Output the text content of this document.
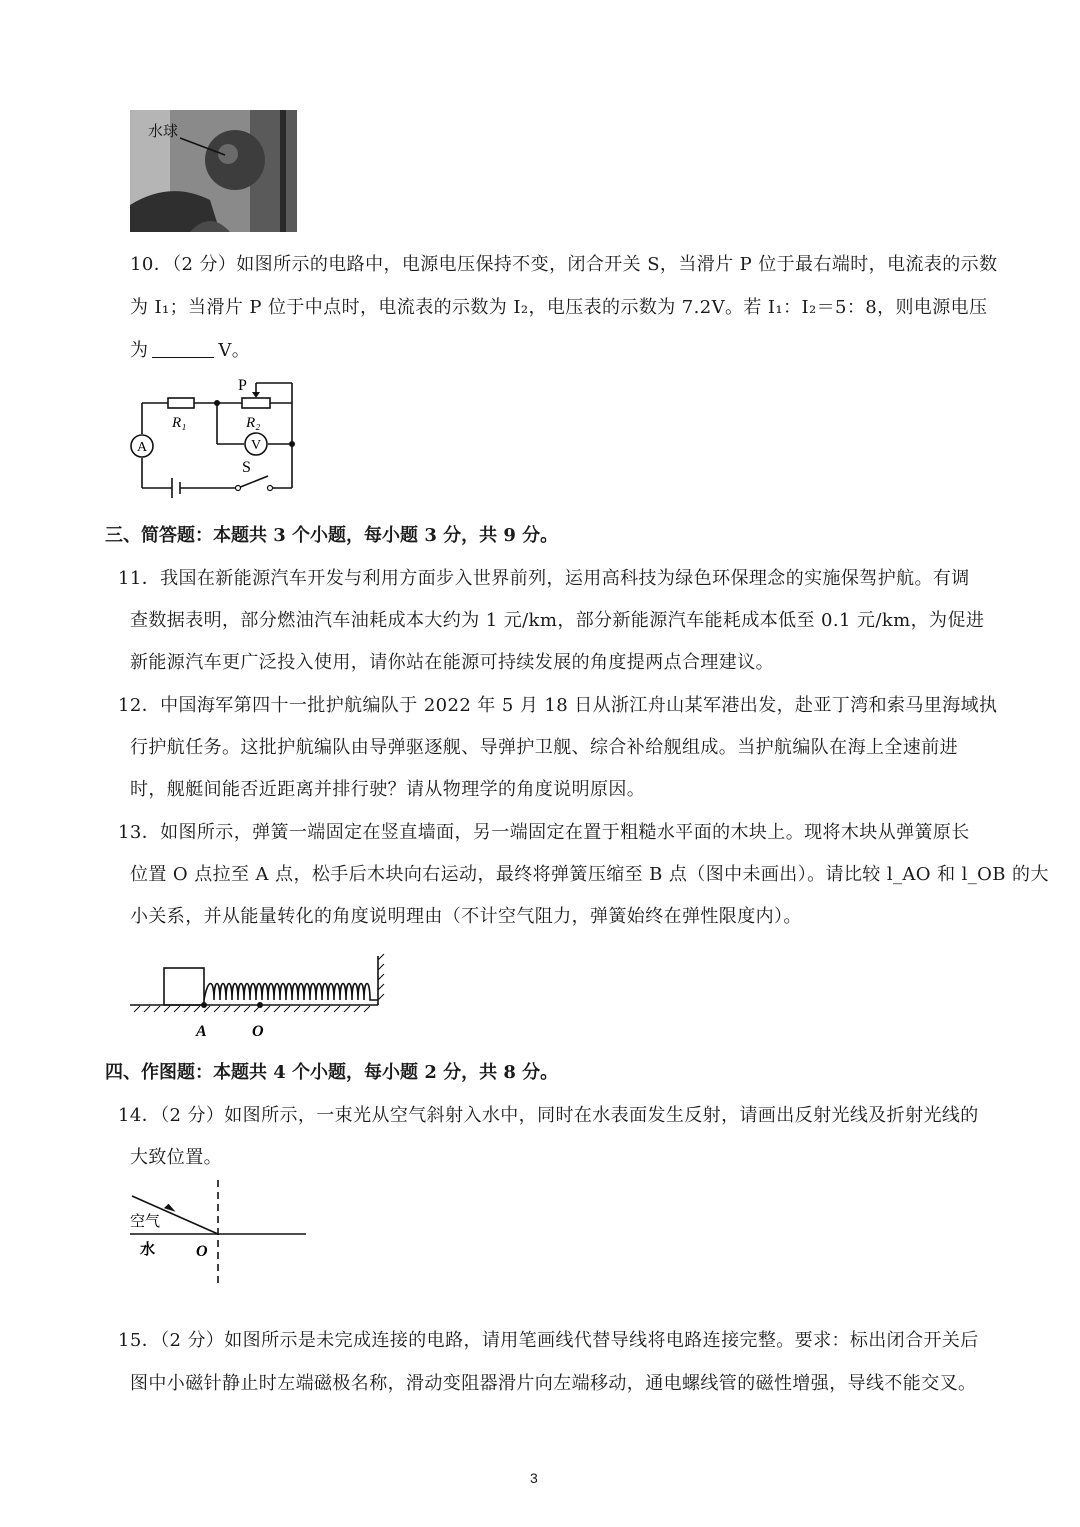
水球
10．（2 分）如图所示的电路中，电源电压保持不变，闭合开关 S，当滑片 P 位于最右端时，电流表的示数
为 I₁；当滑片 P 位于中点时，电流表的示数为 I₂，电压表的示数为 7.2V。若 I₁：I₂＝5：8，则电源电压
为	V。
P
R₁	R₂
A	V
S
三、简答题：本题共 3 个小题，每小题 3 分，共 9 分。
11．我国在新能源汽车开发与利用方面步入世界前列，运用高科技为绿色环保理念的实施保驾护航。有调
查数据表明，部分燃油汽车油耗成本大约为 1 元/km，部分新能源汽车能耗成本低至 0.1 元/km，为促进
新能源汽车更广泛投入使用，请你站在能源可持续发展的角度提两点合理建议。
12．中国海军第四十一批护航编队于 2022 年 5 月 18 日从浙江舟山某军港出发，赴亚丁湾和索马里海域执
行护航任务。这批护航编队由导弹驱逐舰、导弹护卫舰、综合补给舰组成。当护航编队在海上全速前进
时，舰艇间能否近距离并排行驶？请从物理学的角度说明原因。
13．如图所示，弹簧一端固定在竖直墙面，另一端固定在置于粗糙水平面的木块上。现将木块从弹簧原长
位置 O 点拉至 A 点，松手后木块向右运动，最终将弹簧压缩至 B 点（图中未画出）。请比较 l_AO 和 l_OB 的大
小关系，并从能量转化的角度说明理由（不计空气阻力，弹簧始终在弹性限度内）。
A	O
四、作图题：本题共 4 个小题，每小题 2 分，共 8 分。
14．（2 分）如图所示，一束光从空气斜射入水中，同时在水表面发生反射，请画出反射光线及折射光线的
大致位置。
空气
水	O
15．（2 分）如图所示是未完成连接的电路，请用笔画线代替导线将电路连接完整。要求：标出闭合开关后
图中小磁针静止时左端磁极名称，滑动变阻器滑片向左端移动，通电螺线管的磁性增强，导线不能交叉。
3
